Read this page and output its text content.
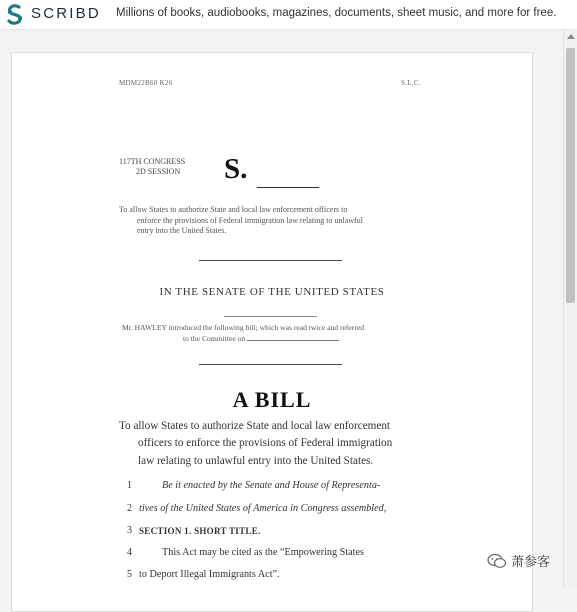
SCRIBD Millions of books, audiobooks, magazines, documents, sheet music, and more for free.
MDM22B60 K26	S.L.C.
117TH CONGRESS
2D SESSION S.
To allow States to authorize State and local law enforcement officers to
enforce the provisions of Federal immigration law relating to unlawful
entry into the United States.
IN THE SENATE OF THE UNITED STATES
Mr. HAWLEY introduced the following bill; which was read twice and referred
to the Committee on
A BILL
To allow States to authorize State and local law enforcement
officers to enforce the provisions of Federal immigration
law relating to unlawful entry into the United States.
1	Be it enacted by the Senate and House of Representa-
2 tives of the United States of America in Congress assembled,
3 SECTION 1. SHORT TITLE.
4	This Act may be cited as the “Empowering States
5 to Deport Illegal Immigrants Act”.
萧参客
